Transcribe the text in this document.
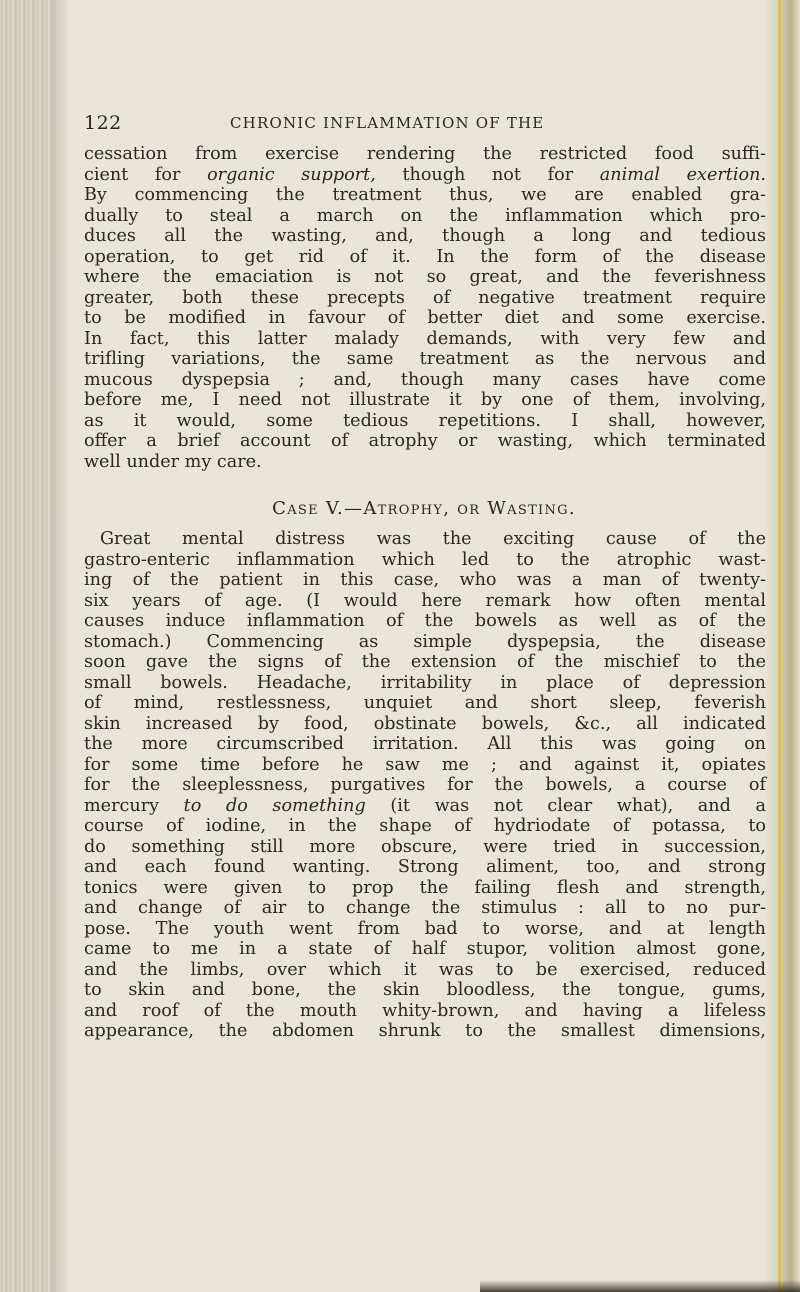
122	CHRONIC INFLAMMATION OF THE

cessation from exercise rendering the restricted food suffi-
cient for organic support, though not for animal exertion.
By commencing the treatment thus, we are enabled gra-
dually to steal a march on the inflammation which pro-
duces all the wasting, and, though a long and tedious
operation, to get rid of it. In the form of the disease
where the emaciation is not so great, and the feverishness
greater, both these precepts of negative treatment require
to be modified in favour of better diet and some exercise.
In fact, this latter malady demands, with very few and
trifling variations, the same treatment as the nervous and
mucous dyspepsia ; and, though many cases have come
before me, I need not illustrate it by one of them, involving,
as it would, some tedious repetitions. I shall, however,
offer a brief account of atrophy or wasting, which terminated
well under my care.

Case V.—Atrophy, or Wasting.

Great mental distress was the exciting cause of the
gastro-enteric inflammation which led to the atrophic wast-
ing of the patient in this case, who was a man of twenty-
six years of age. (I would here remark how often mental
causes induce inflammation of the bowels as well as of the
stomach.) Commencing as simple dyspepsia, the disease
soon gave the signs of the extension of the mischief to the
small bowels. Headache, irritability in place of depression
of mind, restlessness, unquiet and short sleep, feverish
skin increased by food, obstinate bowels, &c., all indicated
the more circumscribed irritation. All this was going on
for some time before he saw me ; and against it, opiates
for the sleeplessness, purgatives for the bowels, a course of
mercury to do something (it was not clear what), and a
course of iodine, in the shape of hydriodate of potassa, to
do something still more obscure, were tried in succession,
and each found wanting. Strong aliment, too, and strong
tonics were given to prop the failing flesh and strength,
and change of air to change the stimulus : all to no pur-
pose. The youth went from bad to worse, and at length
came to me in a state of half stupor, volition almost gone,
and the limbs, over which it was to be exercised, reduced
to skin and bone, the skin bloodless, the tongue, gums,
and roof of the mouth whity-brown, and having a lifeless
appearance, the abdomen shrunk to the smallest dimensions,
